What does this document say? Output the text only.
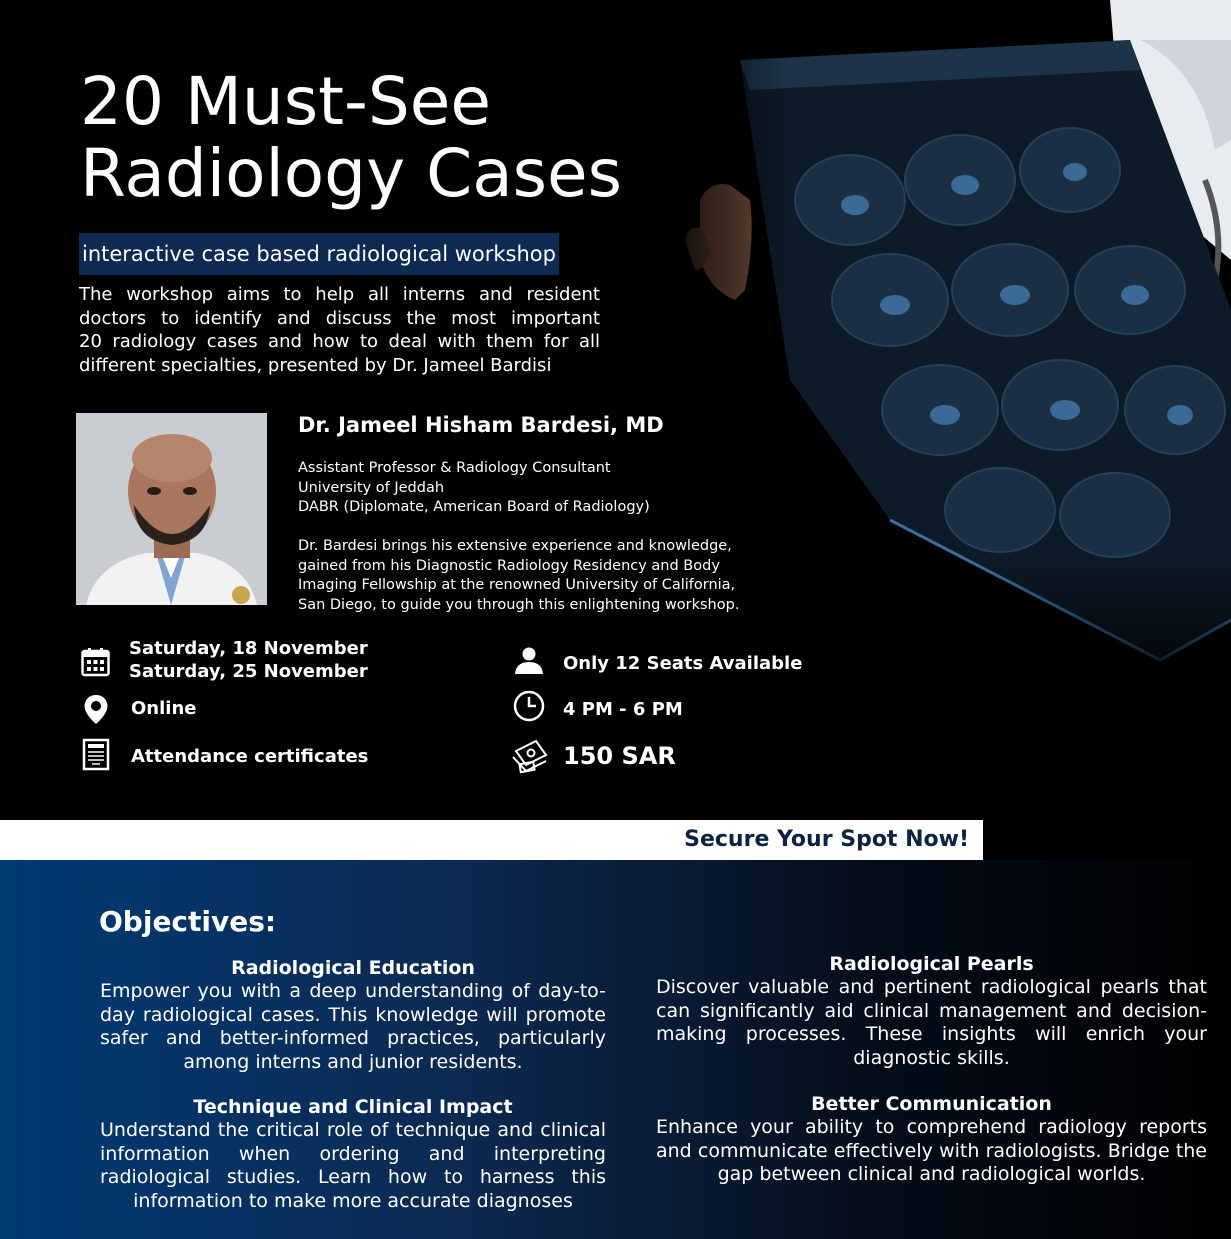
20 Must-See
Radiology Cases
interactive case based radiological workshop
The workshop aims to help all interns and resident
doctors to identify and discuss the most important
20 radiology cases and how to deal with them for all
different specialties, presented by Dr. Jameel Bardisi
Dr. Jameel Hisham Bardesi, MD
Assistant Professor & Radiology Consultant
University of Jeddah
DABR (Diplomate, American Board of Radiology)
Dr. Bardesi brings his extensive experience and knowledge,
gained from his Diagnostic Radiology Residency and Body
Imaging Fellowship at the renowned University of California,
San Diego, to guide you through this enlightening workshop.
Saturday, 18 November
Saturday, 25 November
Online
Attendance certificates
Only 12 Seats Available
4 PM - 6 PM
150 SAR
Secure Your Spot Now!
Objectives:
Radiological Education

Empower you with a deep understanding of day-to-day radiological cases. This knowledge will promote safer and better-informed practices, particularly among interns and junior residents.

Technique and Clinical Impact

Understand the critical role of technique and clinical information when ordering and interpreting radiological studies. Learn how to harness this information to make more accurate diagnoses

Radiological Pearls

Discover valuable and pertinent radiological pearls that can significantly aid clinical management and decision-making processes. These insights will enrich your diagnostic skills.

Better Communication

Enhance your ability to comprehend radiology reports and communicate effectively with radiologists. Bridge the gap between clinical and radiological worlds.
